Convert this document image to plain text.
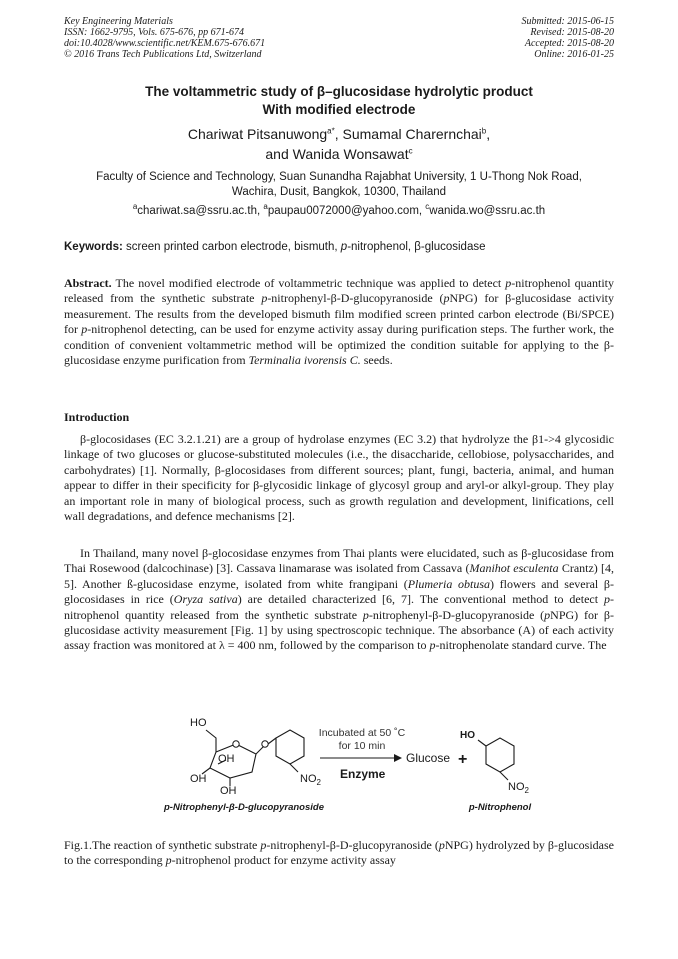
Key Engineering Materials
ISSN: 1662-9795, Vols. 675-676, pp 671-674
doi:10.4028/www.scientific.net/KEM.675-676.671
© 2016 Trans Tech Publications Ltd, Switzerland
Submitted: 2015-06-15
Revised: 2015-08-20
Accepted: 2015-08-20
Online: 2016-01-25
The voltammetric study of β–glucosidase hydrolytic product
With modified electrode
Chariwat Pitsanuwong$^{a*}$, Sumamal Charernchai$^b$,
and Wanida Wonsawat$^c$
Faculty of Science and Technology, Suan Sunandha Rajabhat University, 1 U-Thong Nok Road,
Wachira, Dusit, Bangkok, 10300, Thailand
$^a$chariwat.sa@ssru.ac.th, $^a$paupau0072000@yahoo.com, $^c$wanida.wo@ssru.ac.th
Keywords: screen printed carbon electrode, bismuth, p-nitrophenol, β-glucosidase
Abstract. The novel modified electrode of voltammetric technique was applied to detect p-nitrophenol quantity released from the synthetic substrate p-nitrophenyl-β-D-glucopyranoside (pNPG) for β-glucosidase activity measurement. The results from the developed bismuth film modified screen printed carbon electrode (Bi/SPCE) for p-nitrophenol detecting, can be used for enzyme activity assay during purification steps. The further work, the condition of convenient voltammetric method will be optimized the condition suitable for applying to the β-glucosidase enzyme purification from Terminalia ivorensis C. seeds.
Introduction
β-glocosidases (EC 3.2.1.21) are a group of hydrolase enzymes (EC 3.2) that hydrolyze the β1->4 glycosidic linkage of two glucoses or glucose-substituted molecules (i.e., the disaccharide, cellobiose, polysaccharides, and carbohydrates) [1]. Normally, β-glocosidases from different sources; plant, fungi, bacteria, animal, and human appear to differ in their specificity for β-glycosidic linkage of glycosyl group and aryl-or alkyl-group. They play an important role in many of biological process, such as growth regulation and development, linifications, cell wall degradations, and defence mechanisms [2].
In Thailand, many novel β-glocosidase enzymes from Thai plants were elucidated, such as β-glucosidase from Thai Rosewood (dalcochinase) [3]. Cassava linamarase was isolated from Cassava (Manihot esculenta Crantz) [4, 5]. Another ß-glucosidase enzyme, isolated from white frangipani (Plumeria obtusa) flowers and several β-glocosidases in rice (Oryza sativa) are detailed characterized [6, 7]. The conventional method to detect p-nitrophenol quantity released from the synthetic substrate p-nitrophenyl-β-D-glucopyranoside (pNPG) for β-glucosidase activity measurement [Fig. 1] by using spectroscopic technique. The absorbance (A) of each activity assay fraction was monitored at λ = 400 nm, followed by the comparison to p-nitrophenolate standard curve. The
HO
OH
OH
OH
$NO_2$
Incubated at 50 ˚C
for 10 min
Enzyme
Glucose +
HO
$NO_2$
p-Nitrophenyl-β-D-glucopyranoside	p-Nitrophenol
Fig.1.The reaction of synthetic substrate p-nitrophenyl-β-D-glucopyranoside (pNPG) hydrolyzed by β-glucosidase to the corresponding p-nitrophenol product for enzyme activity assay
